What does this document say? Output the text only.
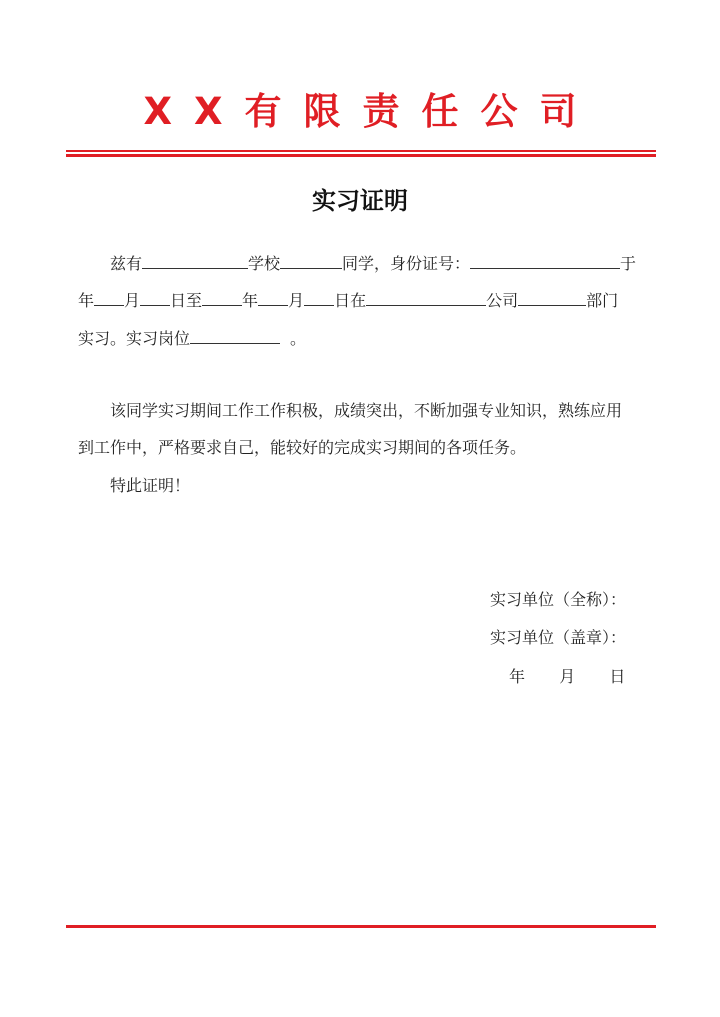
XX有限责任公司
实习证明
兹有	学校	同学，身份证号：	于
年 月 日至	年 月 日在	公司	部门
实习。实习岗位	。
该同学实习期间工作工作积极，成绩突出，不断加强专业知识，熟练应用
到工作中，严格要求自己，能较好的完成实习期间的各项任务。
特此证明！
实习单位（全称）：
实习单位（盖章）：
年 月 日
